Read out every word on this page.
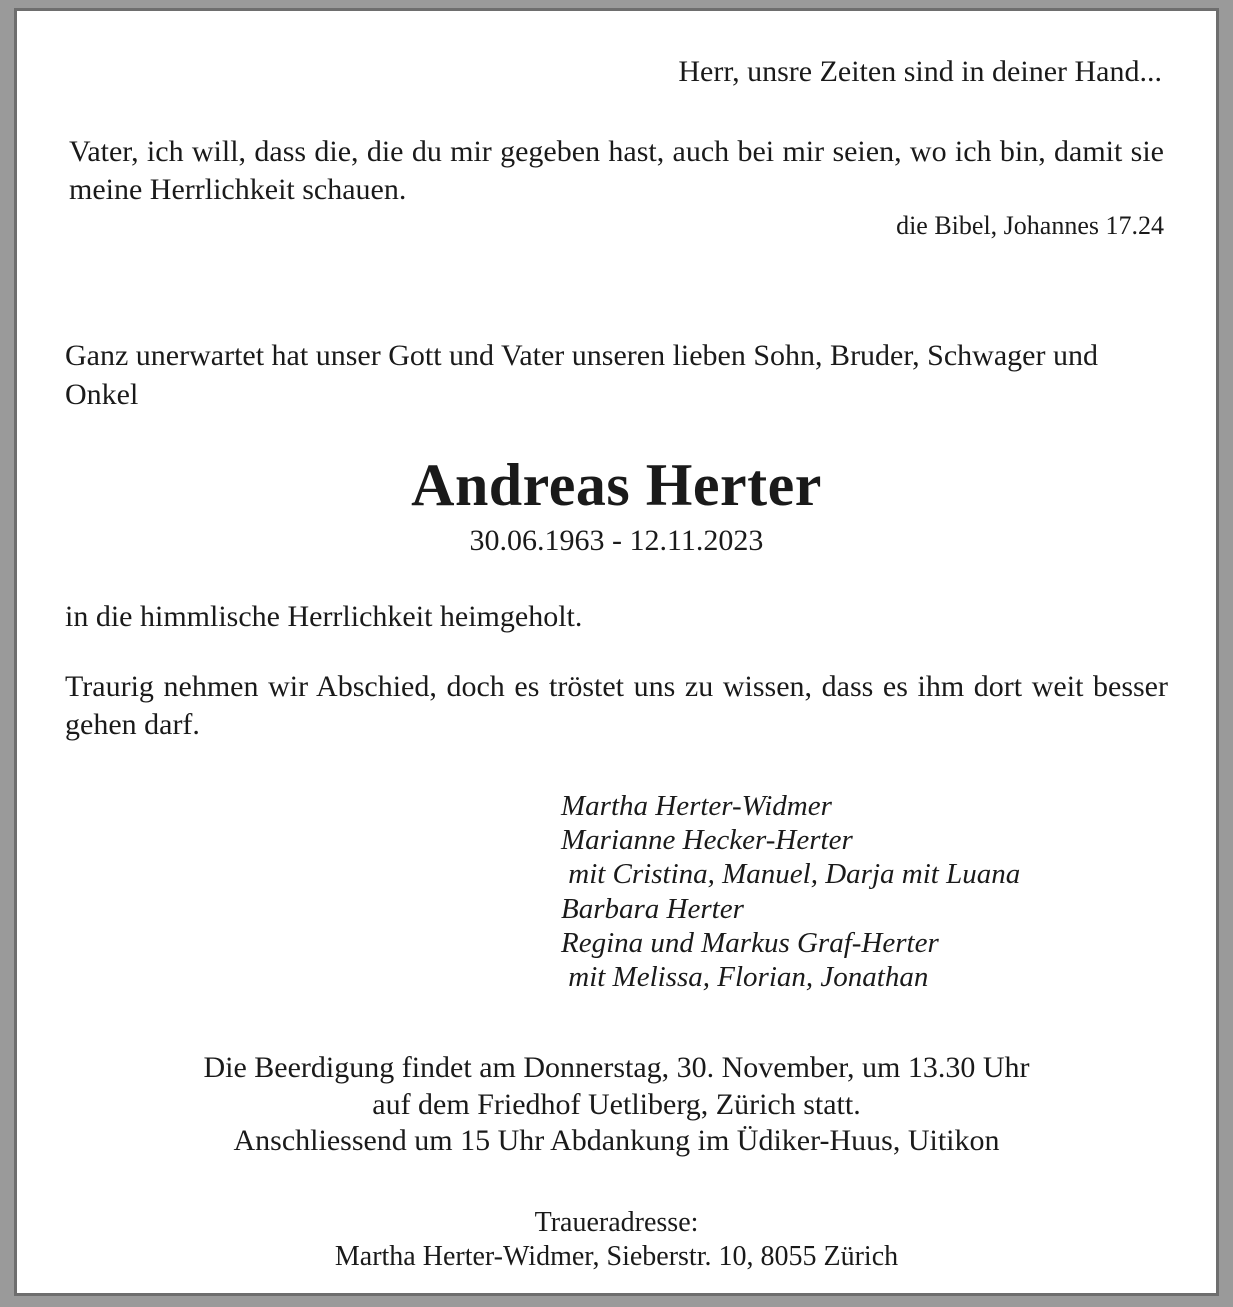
Herr, unsre Zeiten sind in deiner Hand...
Vater, ich will, dass die, die du mir gegeben hast, auch bei mir seien, wo ich bin, damit sie meine Herrlichkeit schauen.
die Bibel, Johannes 17.24
Ganz unerwartet hat unser Gott und Vater unseren lieben Sohn, Bruder, Schwager und Onkel
Andreas Herter
30.06.1963 - 12.11.2023
in die himmlische Herrlichkeit heimgeholt.
Traurig nehmen wir Abschied, doch es tröstet uns zu wissen, dass es ihm dort weit besser gehen darf.
Martha Herter-Widmer
Marianne Hecker-Herter
mit Cristina, Manuel, Darja mit Luana
Barbara Herter
Regina und Markus Graf-Herter
mit Melissa, Florian, Jonathan
Die Beerdigung findet am Donnerstag, 30. November, um 13.30 Uhr
auf dem Friedhof Uetliberg, Zürich statt.
Anschliessend um 15 Uhr Abdankung im Üdiker-Huus, Uitikon
Traueradresse:
Martha Herter-Widmer, Sieberstr. 10, 8055 Zürich
